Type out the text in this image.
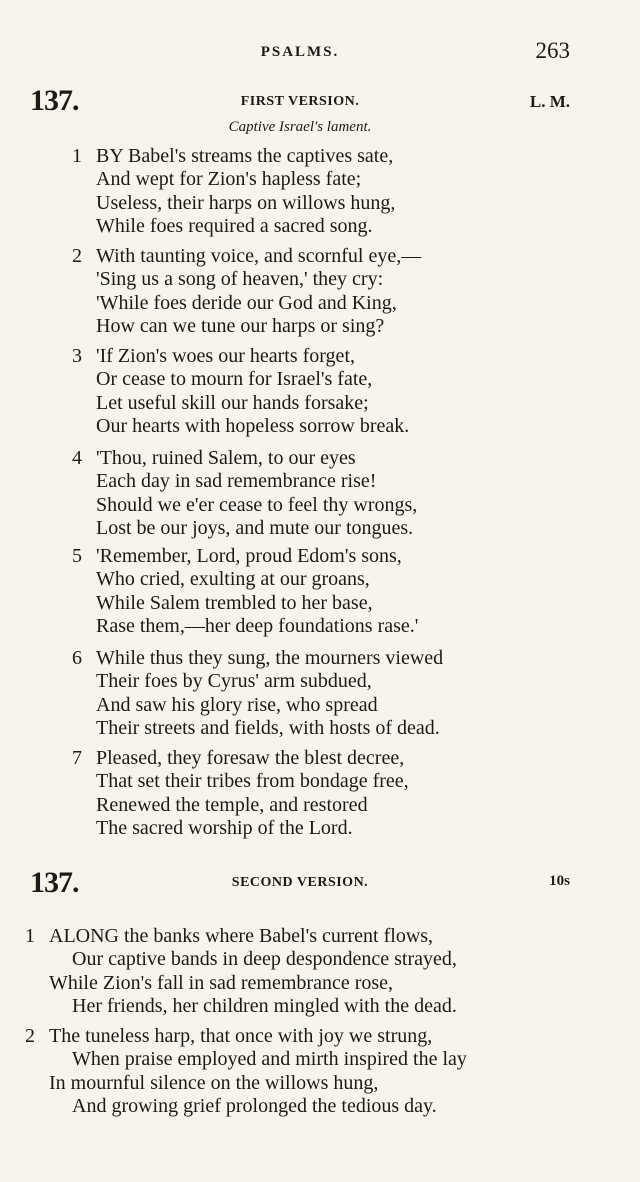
PSALMS.	263
137.	FIRST VERSION.	L. M.
Captive Israel's lament.
1 BY Babel's streams the captives sate,
And wept for Zion's hapless fate;
Useless, their harps on willows hung,
While foes required a sacred song.
2 With taunting voice, and scornful eye,—
'Sing us a song of heaven,' they cry:
'While foes deride our God and King,
How can we tune our harps or sing?
3 'If Zion's woes our hearts forget,
Or cease to mourn for Israel's fate,
Let useful skill our hands forsake;
Our hearts with hopeless sorrow break.
4 'Thou, ruined Salem, to our eyes
Each day in sad remembrance rise!
Should we e'er cease to feel thy wrongs,
Lost be our joys, and mute our tongues.
5 'Remember, Lord, proud Edom's sons,
Who cried, exulting at our groans,
While Salem trembled to her base,
Rase them,—her deep foundations rase.'
6 While thus they sung, the mourners viewed
Their foes by Cyrus' arm subdued,
And saw his glory rise, who spread
Their streets and fields, with hosts of dead.
7 Pleased, they foresaw the blest decree,
That set their tribes from bondage free,
Renewed the temple, and restored
The sacred worship of the Lord.
137.	SECOND VERSION.	10s
1 ALONG the banks where Babel's current flows,
Our captive bands in deep despondence strayed,
While Zion's fall in sad remembrance rose,
Her friends, her children mingled with the dead.
2 The tuneless harp, that once with joy we strung,
When praise employed and mirth inspired the lay
In mournful silence on the willows hung,
And growing grief prolonged the tedious day.
